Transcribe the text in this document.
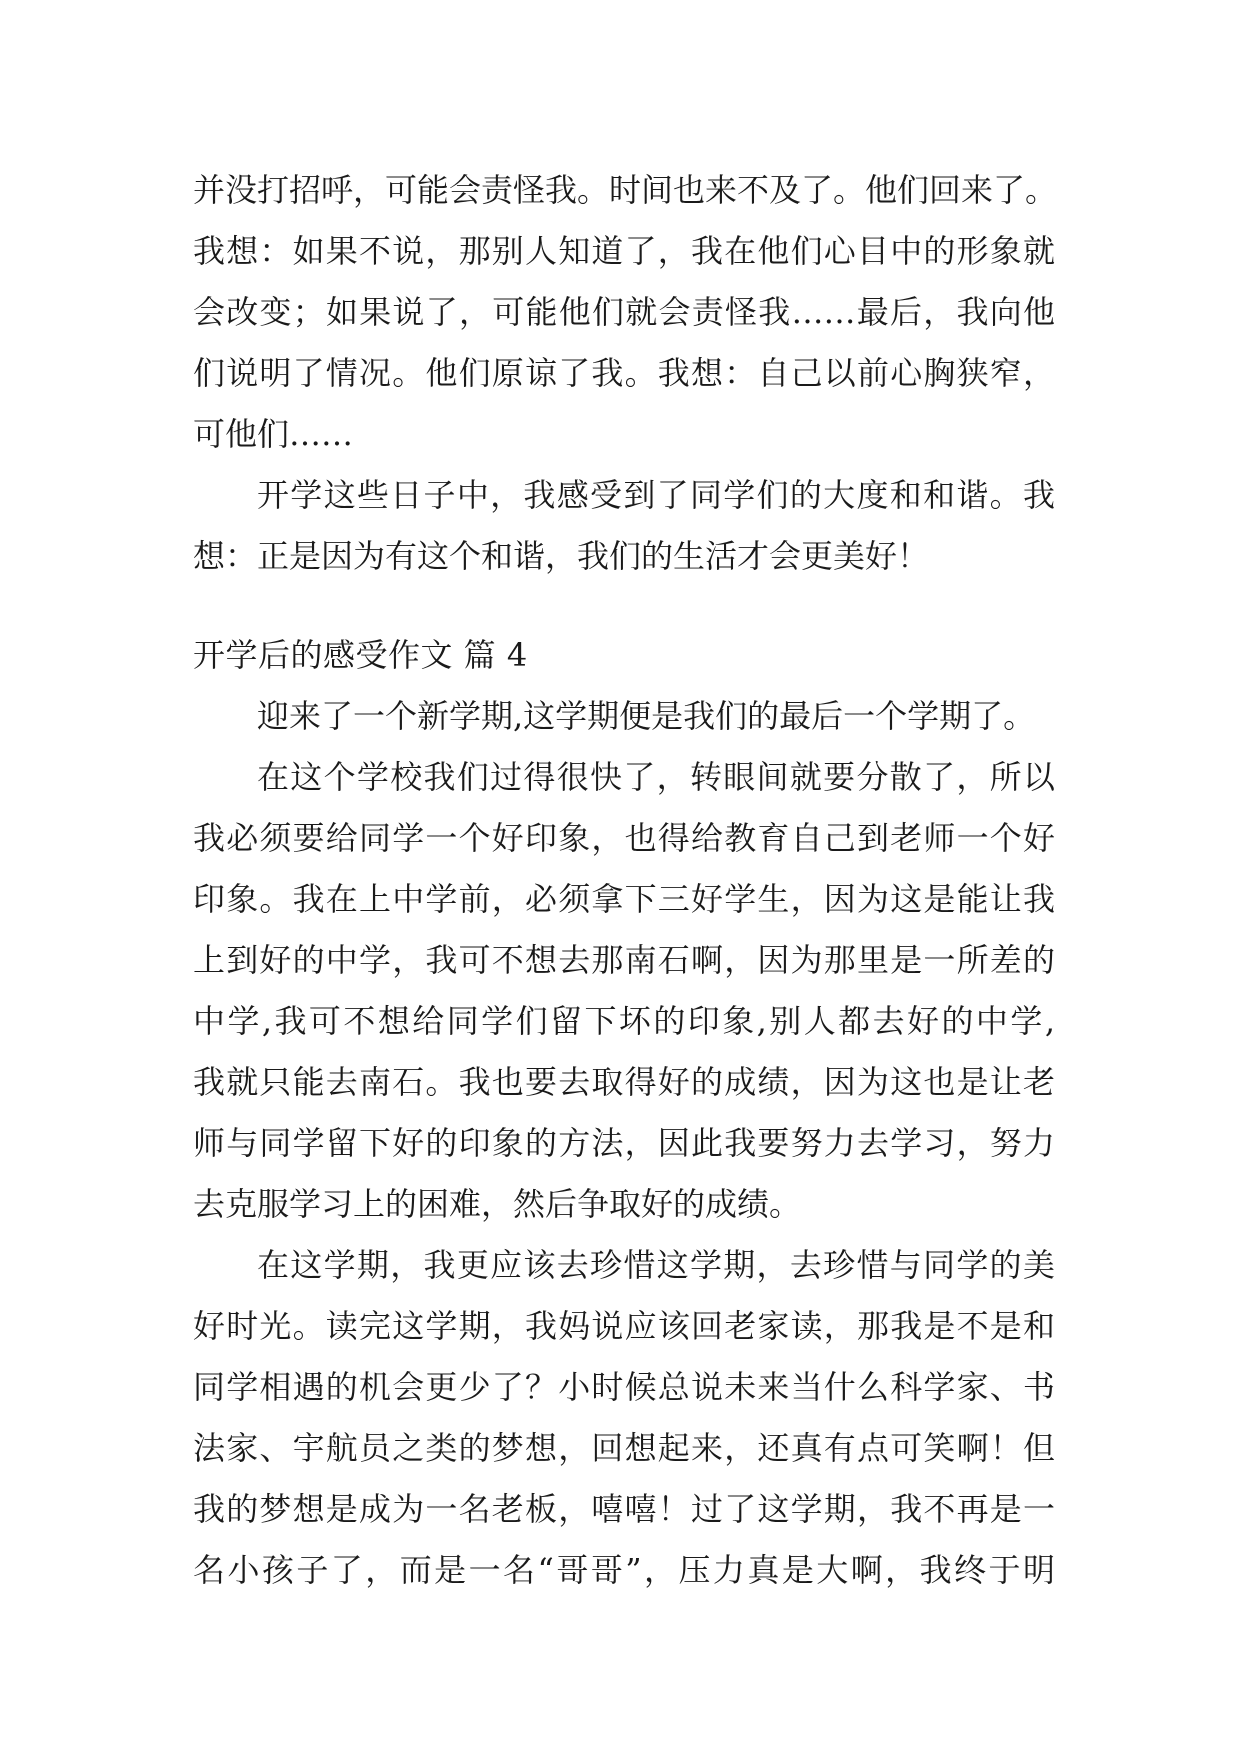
并没打招呼，可能会责怪我。时间也来不及了。他们回来了。
我想：如果不说，那别人知道了，我在他们心目中的形象就
会改变；如果说了，可能他们就会责怪我……最后，我向他
们说明了情况。他们原谅了我。我想：自己以前心胸狭窄，
可他们……
开学这些日子中，我感受到了同学们的大度和和谐。我
想：正是因为有这个和谐，我们的生活才会更美好！
开学后的感受作文 篇 4
迎来了一个新学期,这学期便是我们的最后一个学期了。
在这个学校我们过得很快了，转眼间就要分散了，所以
我必须要给同学一个好印象，也得给教育自己到老师一个好
印象。我在上中学前，必须拿下三好学生，因为这是能让我
上到好的中学，我可不想去那南石啊，因为那里是一所差的
中学,我可不想给同学们留下坏的印象,别人都去好的中学,
我就只能去南石。我也要去取得好的成绩，因为这也是让老
师与同学留下好的印象的方法，因此我要努力去学习，努力
去克服学习上的困难，然后争取好的成绩。
在这学期，我更应该去珍惜这学期，去珍惜与同学的美
好时光。读完这学期，我妈说应该回老家读，那我是不是和
同学相遇的机会更少了？小时候总说未来当什么科学家、书
法家、宇航员之类的梦想，回想起来，还真有点可笑啊！但
我的梦想是成为一名老板，嘻嘻！过了这学期，我不再是一
名小孩子了，而是一名“哥哥”，压力真是大啊，我终于明
